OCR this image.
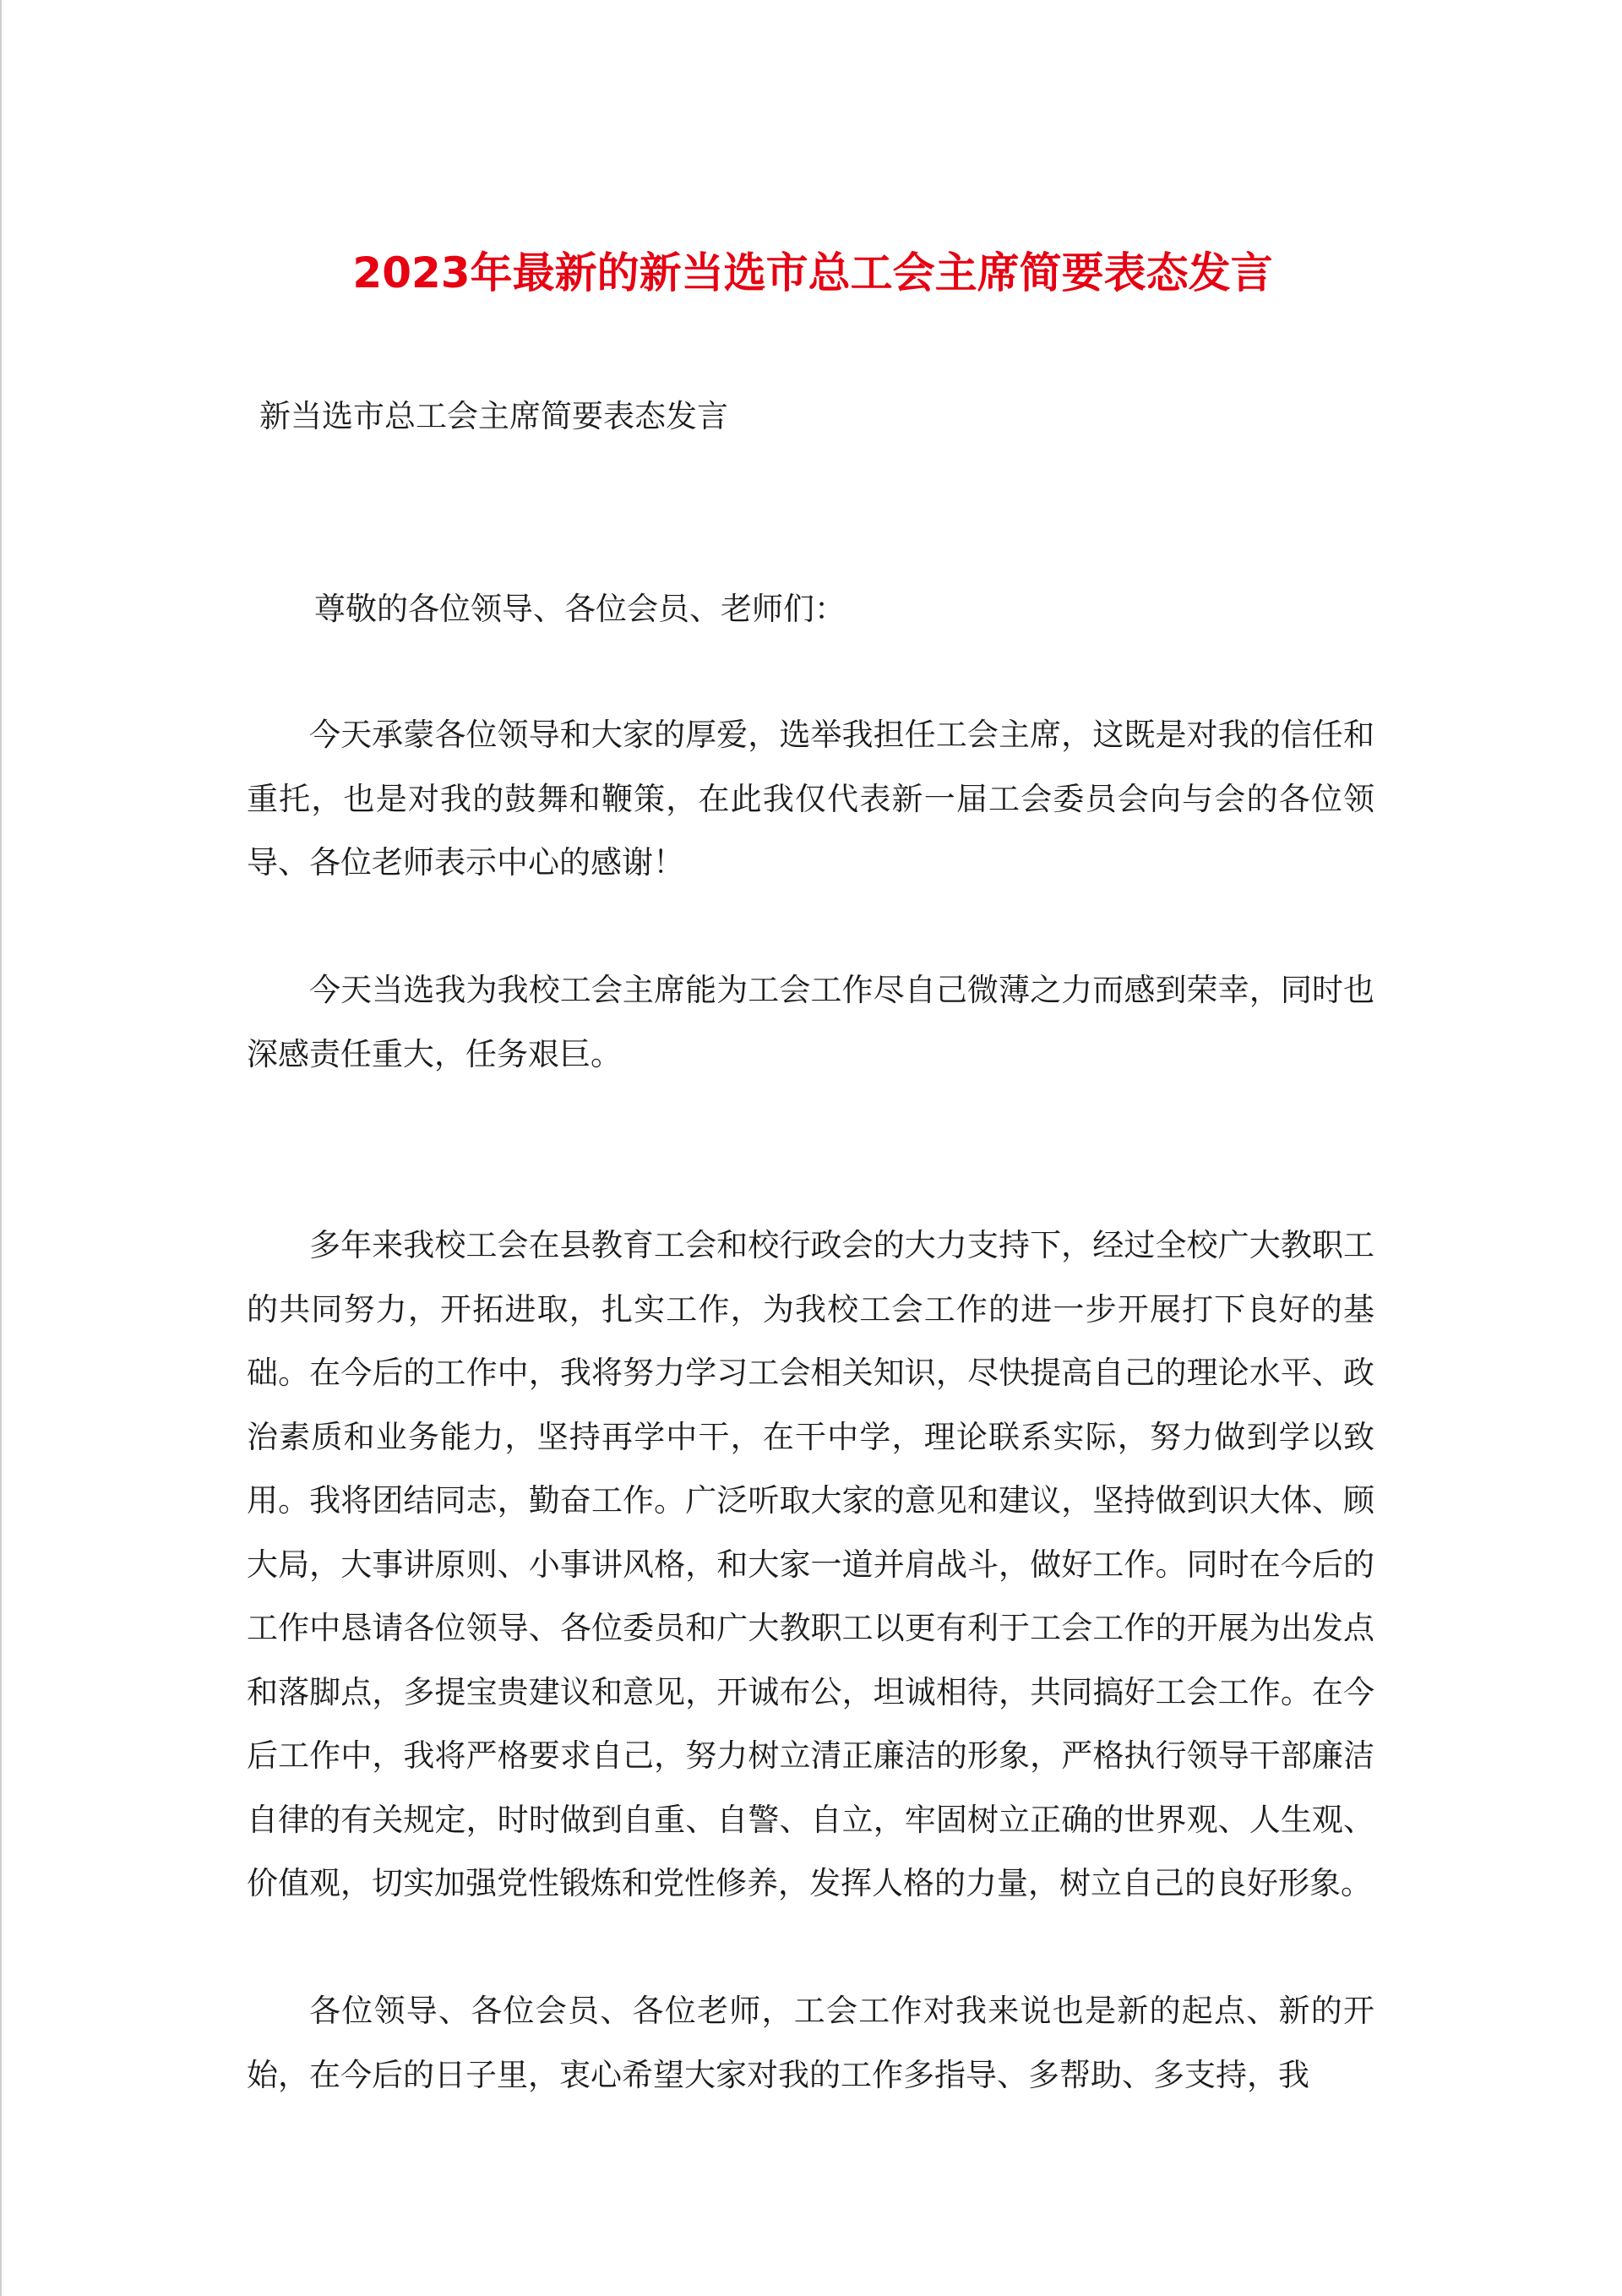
2023年最新的新当选市总工会主席简要表态发言

新当选市总工会主席简要表态发言

尊敬的各位领导、各位会员、老师们：

今天承蒙各位领导和大家的厚爱，选举我担任工会主席，这既是对我的信任和重托，也是对我的鼓舞和鞭策，在此我仅代表新一届工会委员会向与会的各位领导、各位老师表示中心的感谢！

今天当选我为我校工会主席能为工会工作尽自己微薄之力而感到荣幸，同时也深感责任重大，任务艰巨。

多年来我校工会在县教育工会和校行政会的大力支持下，经过全校广大教职工的共同努力，开拓进取，扎实工作，为我校工会工作的进一步开展打下良好的基础。在今后的工作中，我将努力学习工会相关知识，尽快提高自己的理论水平、政治素质和业务能力，坚持再学中干，在干中学，理论联系实际，努力做到学以致用。我将团结同志，勤奋工作。广泛听取大家的意见和建议，坚持做到识大体、顾大局，大事讲原则、小事讲风格，和大家一道并肩战斗，做好工作。同时在今后的工作中恳请各位领导、各位委员和广大教职工以更有利于工会工作的开展为出发点和落脚点，多提宝贵建议和意见，开诚布公，坦诚相待，共同搞好工会工作。在今后工作中，我将严格要求自己，努力树立清正廉洁的形象，严格执行领导干部廉洁自律的有关规定，时时做到自重、自警、自立，牢固树立正确的世界观、人生观、价值观，切实加强党性锻炼和党性修养，发挥人格的力量，树立自己的良好形象。

各位领导、各位会员、各位老师，工会工作对我来说也是新的起点、新的开始，在今后的日子里，衷心希望大家对我的工作多指导、多帮助、多支持，我
